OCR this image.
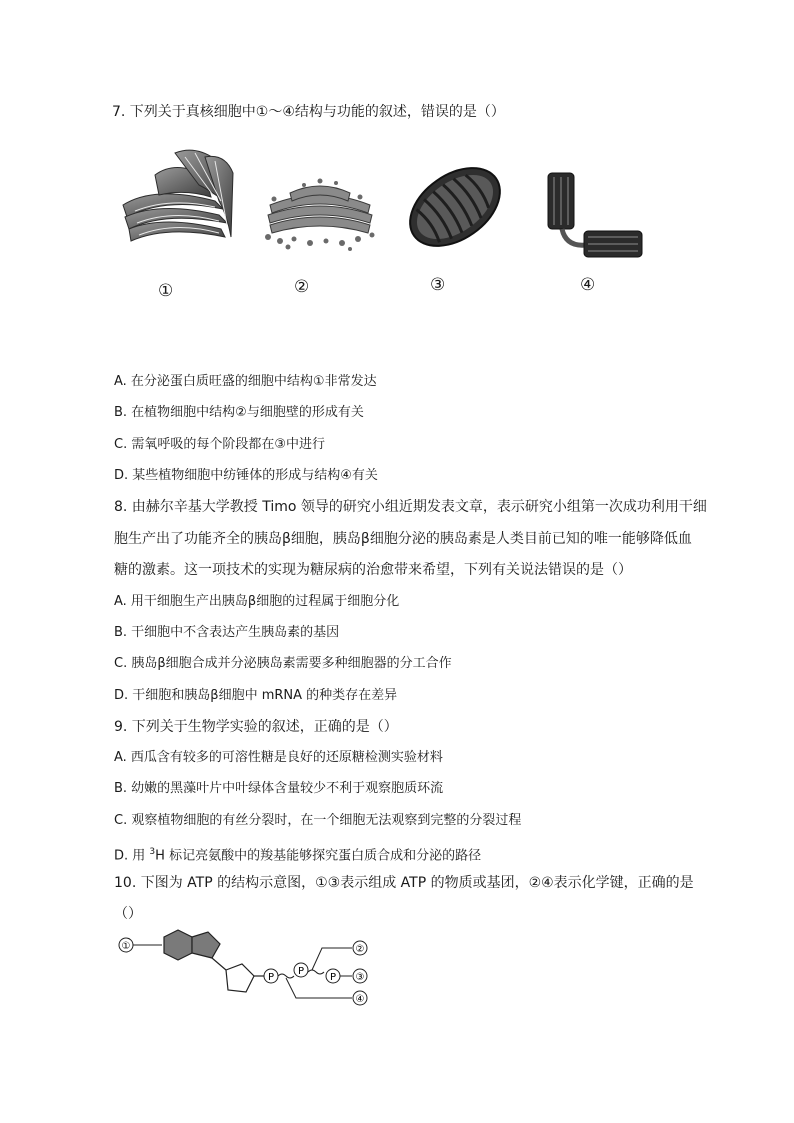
7. 下列关于真核细胞中①～④结构与功能的叙述，错误的是（）
①	②	③	④
A. 在分泌蛋白质旺盛的细胞中结构①非常发达
B. 在植物细胞中结构②与细胞壁的形成有关
C. 需氧呼吸的每个阶段都在③中进行
D. 某些植物细胞中纺锤体的形成与结构④有关
8. 由赫尔辛基大学教授 Timo 领导的研究小组近期发表文章，表示研究小组第一次成功利用干细
胞生产出了功能齐全的胰岛β细胞，胰岛β细胞分泌的胰岛素是人类目前已知的唯一能够降低血
糖的激素。这一项技术的实现为糖尿病的治愈带来希望，下列有关说法错误的是（）
A. 用干细胞生产出胰岛β细胞的过程属于细胞分化
B. 干细胞中不含表达产生胰岛素的基因
C. 胰岛β细胞合成并分泌胰岛素需要多种细胞器的分工合作
D. 干细胞和胰岛β细胞中 mRNA 的种类存在差异
9. 下列关于生物学实验的叙述，正确的是（）
A. 西瓜含有较多的可溶性糖是良好的还原糖检测实验材料
B. 幼嫩的黑藻叶片中叶绿体含量较少不利于观察胞质环流
C. 观察植物细胞的有丝分裂时，在一个细胞无法观察到完整的分裂过程
D. 用 $^3$H 标记亮氨酸中的羧基能够探究蛋白质合成和分泌的路径
10. 下图为 ATP 的结构示意图，①③表示组成 ATP 的物质或基团，②④表示化学键，正确的是
（）
①
P
P
P
②
③
④
